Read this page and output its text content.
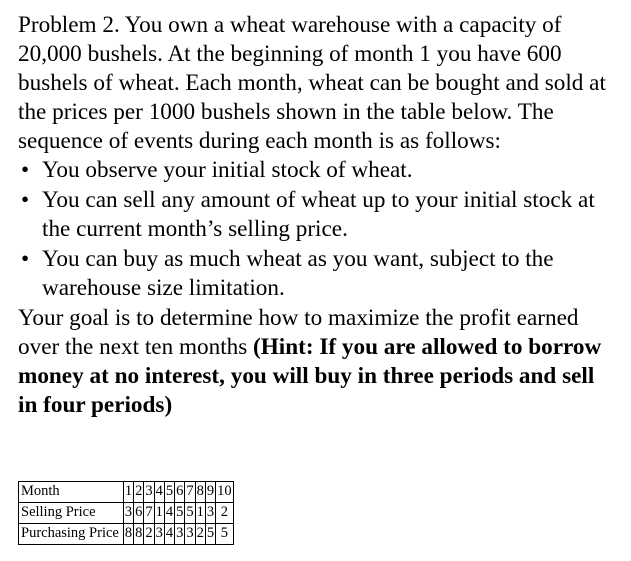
Problem 2. You own a wheat warehouse with a capacity of 20,000 bushels. At the beginning of month 1 you have 600 bushels of wheat. Each month, wheat can be bought and sold at the prices per 1000 bushels shown in the table below. The sequence of events during each month is as follows:

• You observe your initial stock of wheat.
• You can sell any amount of wheat up to your initial stock at the current month’s selling price.
• You can buy as much wheat as you want, subject to the warehouse size limitation.

Your goal is to determine how to maximize the profit earned over the next ten months (Hint: If you are allowed to borrow money at no interest, you will buy in three periods and sell in four periods)

Month	1	2	3	4	5	6	7	8	9	10
Selling Price	3	6	7	1	4	5	5	1	3	2
Purchasing Price	8	8	2	3	4	3	3	2	5	5
